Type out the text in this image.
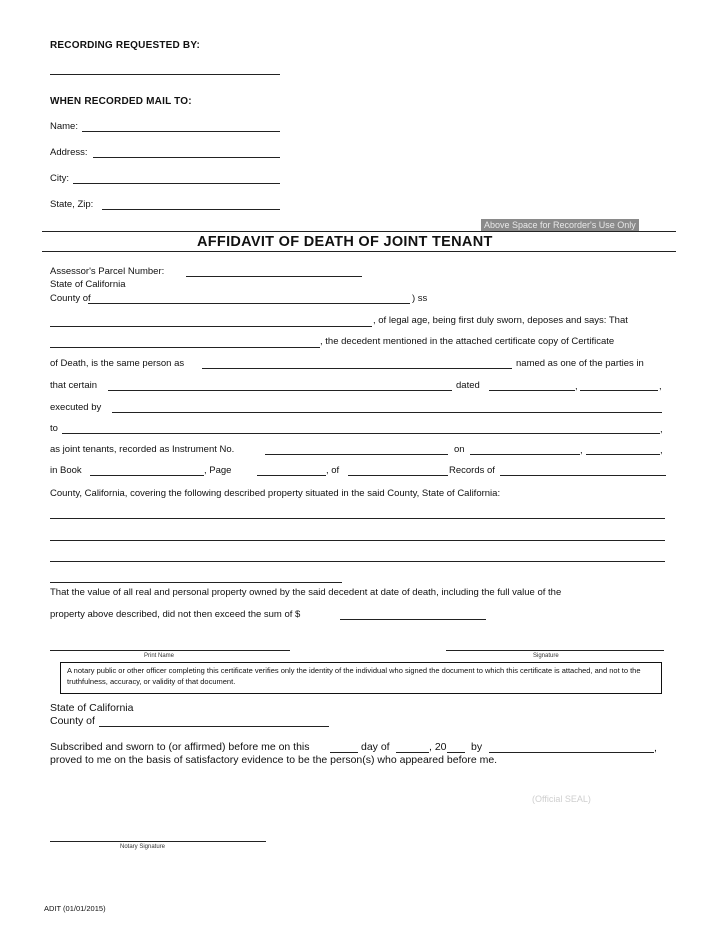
RECORDING REQUESTED BY:
WHEN RECORDED MAIL TO:
Name:
Address:
City:
State, Zip:
Above Space for Recorder's Use Only
AFFIDAVIT OF DEATH OF JOINT TENANT
Assessor's Parcel Number:
State of California
County of	) ss
, of legal age, being first duly sworn, deposes and says: That
, the decedent mentioned in the attached certificate copy of Certificate
of Death, is the same person as	named as one of the parties in
that certain	dated	,	,
executed by
to	,
as joint tenants, recorded as Instrument No.	on	,	,
in Book	, Page	, of	Records of
County, California, covering the following described property situated in the said County, State of California:
That the value of all real and personal property owned by the said decedent at date of death, including the full value of the
property above described, did not then exceed the sum of $
Print Name	Signature
A notary public or other officer completing this certificate verifies only the identity of the individual who signed the document to which this certificate is attached, and not to the truthfulness, accuracy, or validity of that document.
State of California
County of
Subscribed and sworn to (or affirmed) before me on this	day of	, 20 by	,
proved to me on the basis of satisfactory evidence to be the person(s) who appeared before me.
(Official SEAL)
Notary Signature
ADIT (01/01/2015)
